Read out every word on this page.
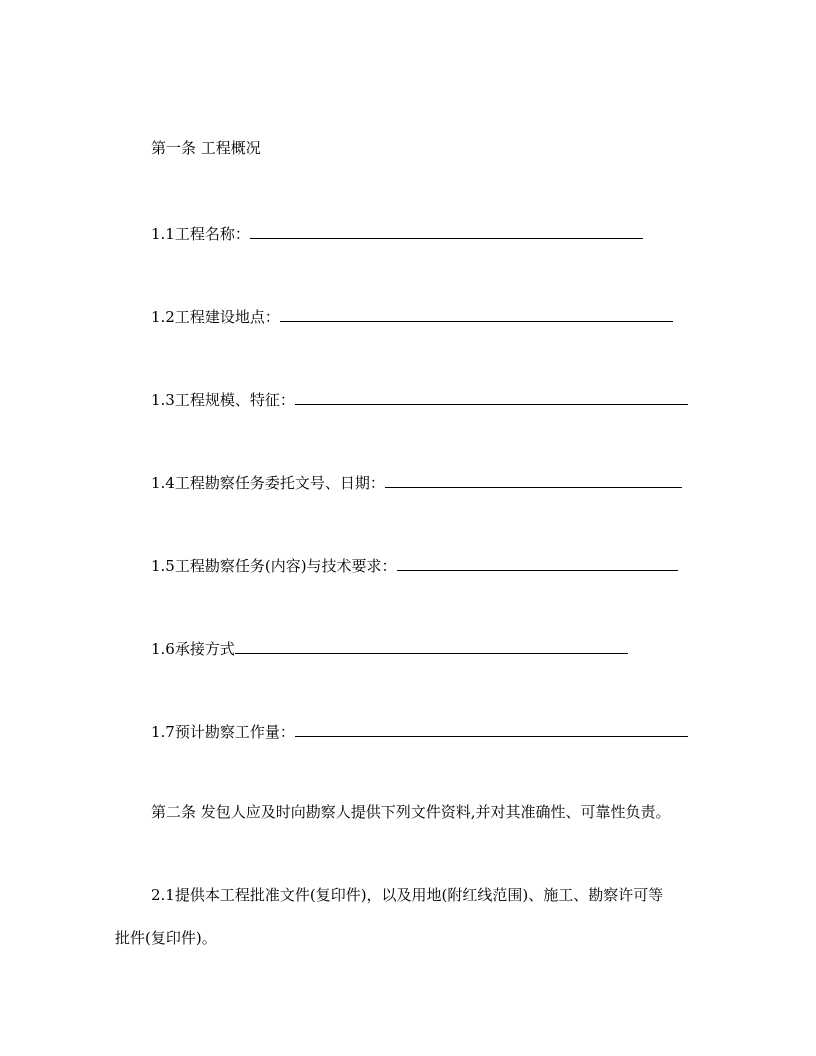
第一条 工程概况
1.1工程名称：
1.2工程建设地点：
1.3工程规模、特征：
1.4工程勘察任务委托文号、日期：
1.5工程勘察任务(内容)与技术要求：
1.6承接方式
1.7预计勘察工作量：
第二条 发包人应及时向勘察人提供下列文件资料,并对其准确性、可靠性负责。
2.1提供本工程批准文件(复印件)，以及用地(附红线范围)、施工、勘察许可等
批件(复印件)。
